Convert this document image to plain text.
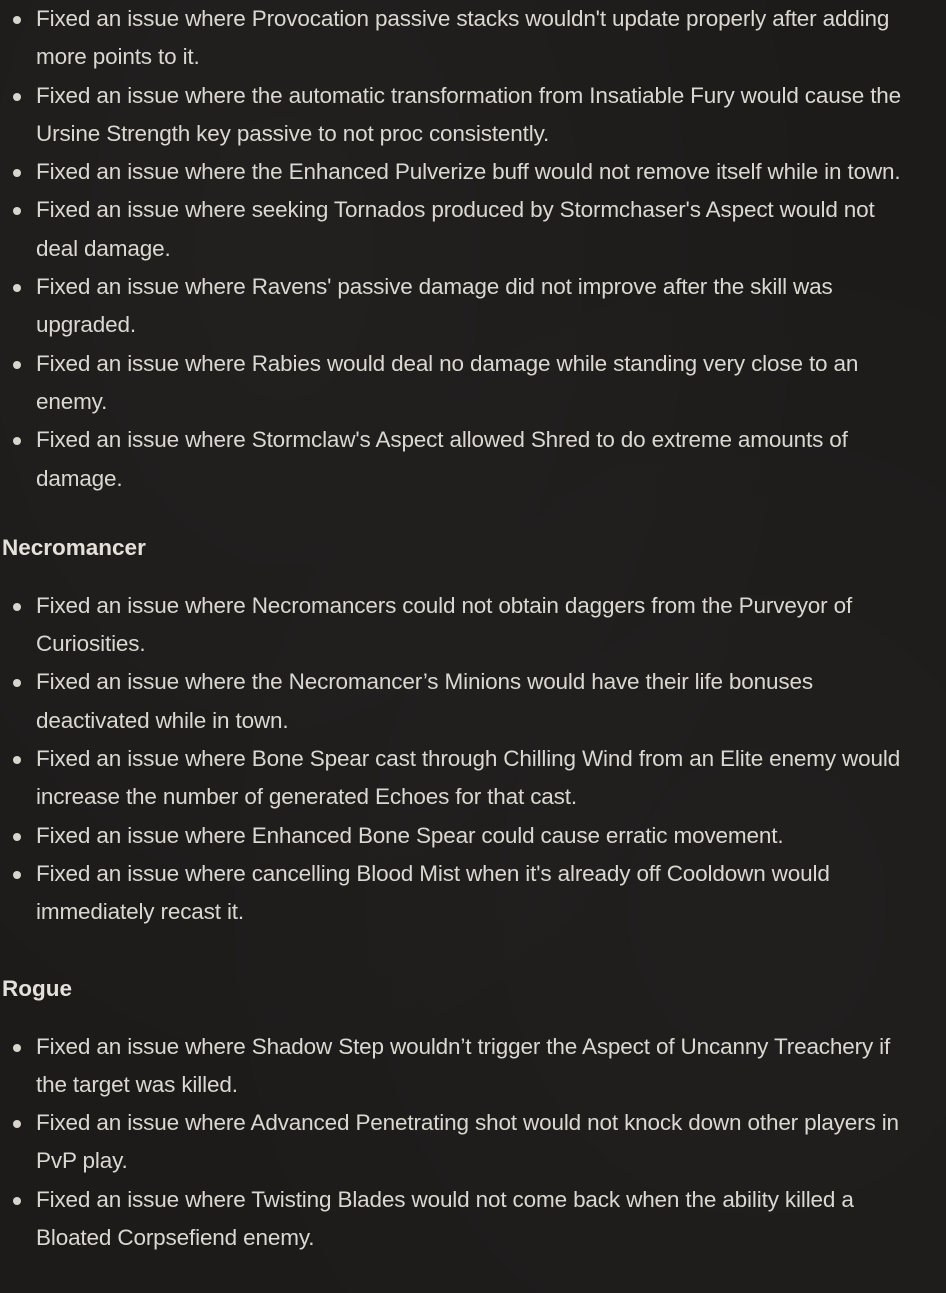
Fixed an issue where Provocation passive stacks wouldn't update properly after adding more points to it.
Fixed an issue where the automatic transformation from Insatiable Fury would cause the Ursine Strength key passive to not proc consistently.
Fixed an issue where the Enhanced Pulverize buff would not remove itself while in town.
Fixed an issue where seeking Tornados produced by Stormchaser's Aspect would not deal damage.
Fixed an issue where Ravens' passive damage did not improve after the skill was upgraded.
Fixed an issue where Rabies would deal no damage while standing very close to an enemy.
Fixed an issue where Stormclaw's Aspect allowed Shred to do extreme amounts of damage.
Necromancer
Fixed an issue where Necromancers could not obtain daggers from the Purveyor of Curiosities.
Fixed an issue where the Necromancer’s Minions would have their life bonuses deactivated while in town.
Fixed an issue where Bone Spear cast through Chilling Wind from an Elite enemy would increase the number of generated Echoes for that cast.
Fixed an issue where Enhanced Bone Spear could cause erratic movement.
Fixed an issue where cancelling Blood Mist when it's already off Cooldown would immediately recast it.
Rogue
Fixed an issue where Shadow Step wouldn’t trigger the Aspect of Uncanny Treachery if the target was killed.
Fixed an issue where Advanced Penetrating shot would not knock down other players in PvP play.
Fixed an issue where Twisting Blades would not come back when the ability killed a Bloated Corpsefiend enemy.
